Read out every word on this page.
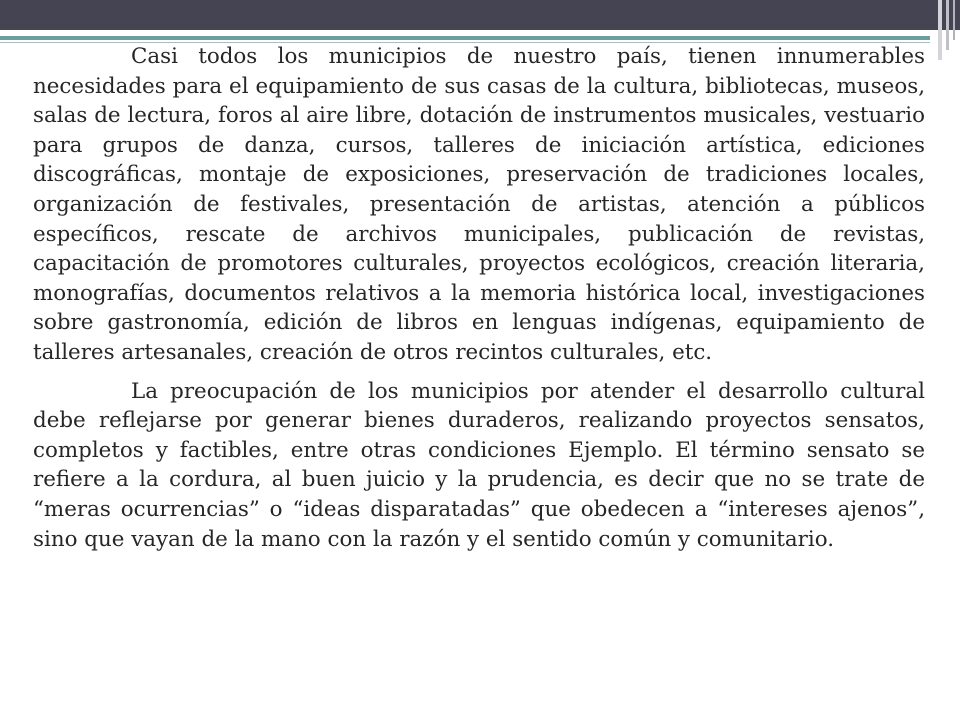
Casi todos los municipios de nuestro país, tienen innumerables necesidades para el equipamiento de sus casas de la cultura, bibliotecas, museos, salas de lectura, foros al aire libre, dotación de instrumentos musicales, vestuario para grupos de danza, cursos, talleres de iniciación artística, ediciones discográficas, montaje de exposiciones, preservación de tradiciones locales, organización de festivales, presentación de artistas, atención a públicos específicos, rescate de archivos municipales, publicación de revistas, capacitación de promotores culturales, proyectos ecológicos, creación literaria, monografías, documentos relativos a la memoria histórica local, investigaciones sobre gastronomía, edición de libros en lenguas indígenas, equipamiento de talleres artesanales, creación de otros recintos culturales, etc.

La preocupación de los municipios por atender el desarrollo cultural debe reflejarse por generar bienes duraderos, realizando proyectos sensatos, completos y factibles, entre otras condiciones Ejemplo. El término sensato se refiere a la cordura, al buen juicio y la prudencia, es decir que no se trate de “meras ocurrencias” o “ideas disparatadas” que obedecen a “intereses ajenos”, sino que vayan de la mano con la razón y el sentido común y comunitario.
